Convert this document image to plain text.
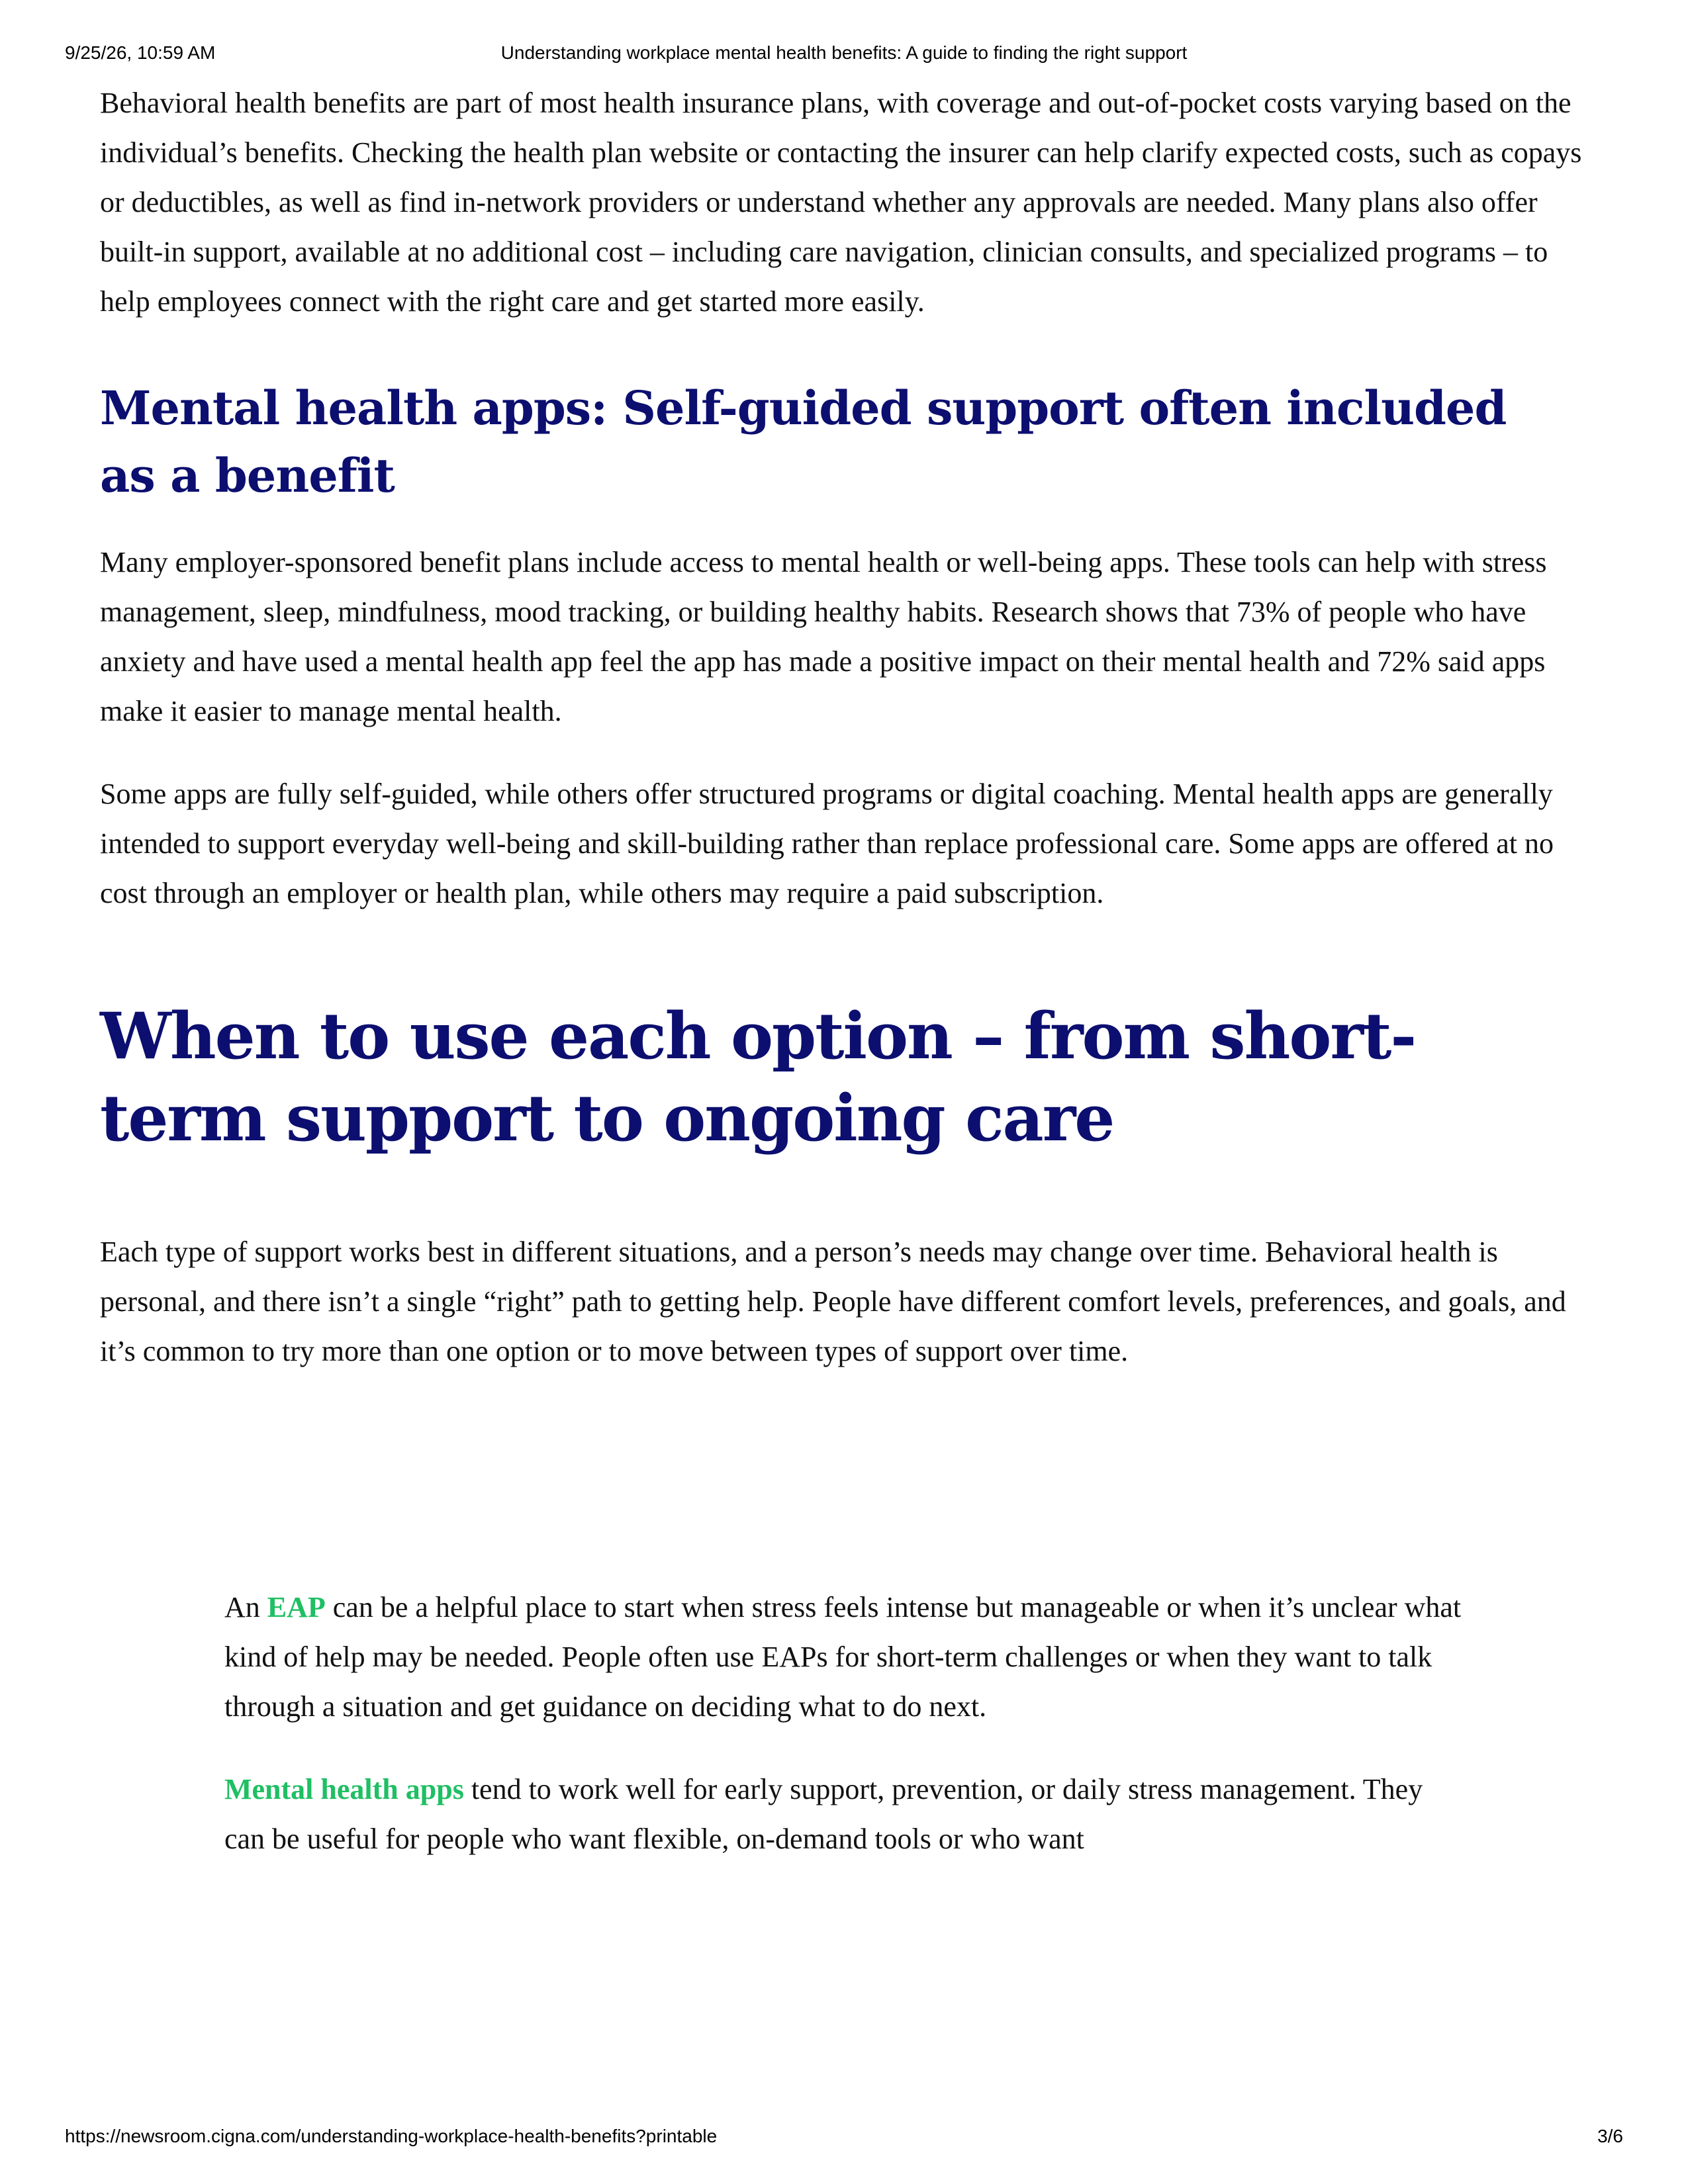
9/25/26, 10:59 AM	Understanding workplace mental health benefits: A guide to finding the right support

Behavioral health benefits are part of most health insurance plans, with coverage and out-of-pocket costs varying based on the individual’s benefits. Checking the health plan website or contacting the insurer can help clarify expected costs, such as copays or deductibles, as well as find in-network providers or understand whether any approvals are needed. Many plans also offer built-in support, available at no additional cost – including care navigation, clinician consults, and specialized programs – to help employees connect with the right care and get started more easily.

Mental health apps: Self-guided support often included as a benefit

Many employer-sponsored benefit plans include access to mental health or well-being apps. These tools can help with stress management, sleep, mindfulness, mood tracking, or building healthy habits. Research shows that 73% of people who have anxiety and have used a mental health app feel the app has made a positive impact on their mental health and 72% said apps make it easier to manage mental health.

Some apps are fully self-guided, while others offer structured programs or digital coaching. Mental health apps are generally intended to support everyday well-being and skill-building rather than replace professional care. Some apps are offered at no cost through an employer or health plan, while others may require a paid subscription.

When to use each option – from short-term support to ongoing care

Each type of support works best in different situations, and a person’s needs may change over time. Behavioral health is personal, and there isn’t a single “right” path to getting help. People have different comfort levels, preferences, and goals, and it’s common to try more than one option or to move between types of support over time.

An EAP can be a helpful place to start when stress feels intense but manageable or when it’s unclear what kind of help may be needed. People often use EAPs for short-term challenges or when they want to talk through a situation and get guidance on deciding what to do next.

Mental health apps tend to work well for early support, prevention, or daily stress management. They can be useful for people who want flexible, on-demand tools or who want

https://newsroom.cigna.com/understanding-workplace-health-benefits?printable	3/6
